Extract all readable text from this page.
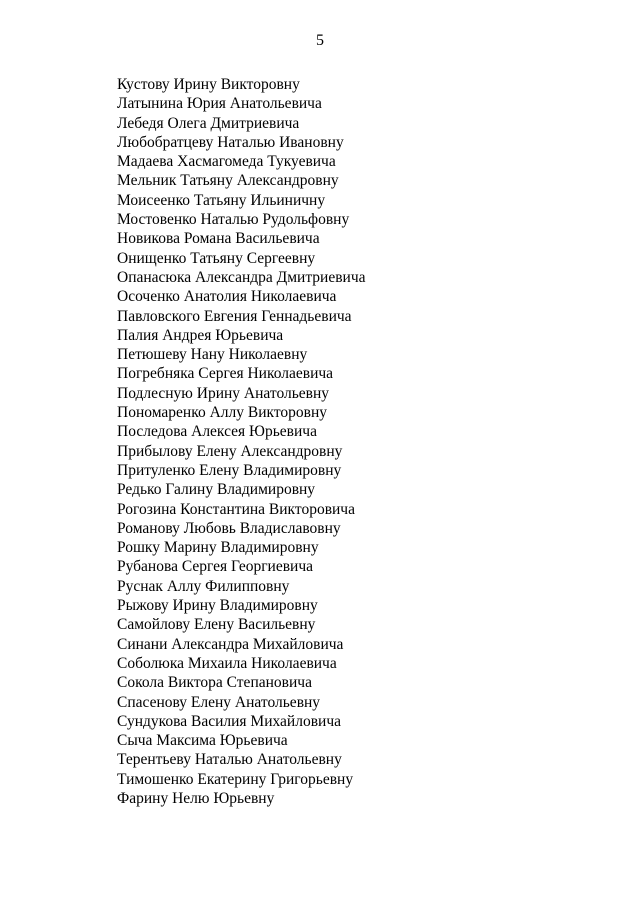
5
Кустову Ирину Викторовну
Латынина Юрия Анатольевича
Лебедя Олега Дмитриевича
Любобратцеву Наталью Ивановну
Мадаева Хасмагомеда Тукуевича
Мельник Татьяну Александровну
Моисеенко Татьяну Ильиничну
Мостовенко Наталью Рудольфовну
Новикова Романа Васильевича
Онищенко Татьяну Сергеевну
Опанасюка Александра Дмитриевича
Осоченко Анатолия Николаевича
Павловского Евгения Геннадьевича
Палия Андрея Юрьевича
Петюшеву Нану Николаевну
Погребняка Сергея Николаевича
Подлесную Ирину Анатольевну
Пономаренко Аллу Викторовну
Последова Алексея Юрьевича
Прибылову Елену Александровну
Притуленко Елену Владимировну
Редько Галину Владимировну
Рогозина Константина Викторовича
Романову Любовь Владиславовну
Рошку Марину Владимировну
Рубанова Сергея Георгиевича
Руснак Аллу Филипповну
Рыжову Ирину Владимировну
Самойлову Елену Васильевну
Синани Александра Михайловича
Соболюка Михаила Николаевича
Сокола Виктора Степановича
Спасенову Елену Анатольевну
Сундукова Василия Михайловича
Сыча Максима Юрьевича
Терентьеву Наталью Анатольевну
Тимошенко Екатерину Григорьевну
Фарину Нелю Юрьевну
